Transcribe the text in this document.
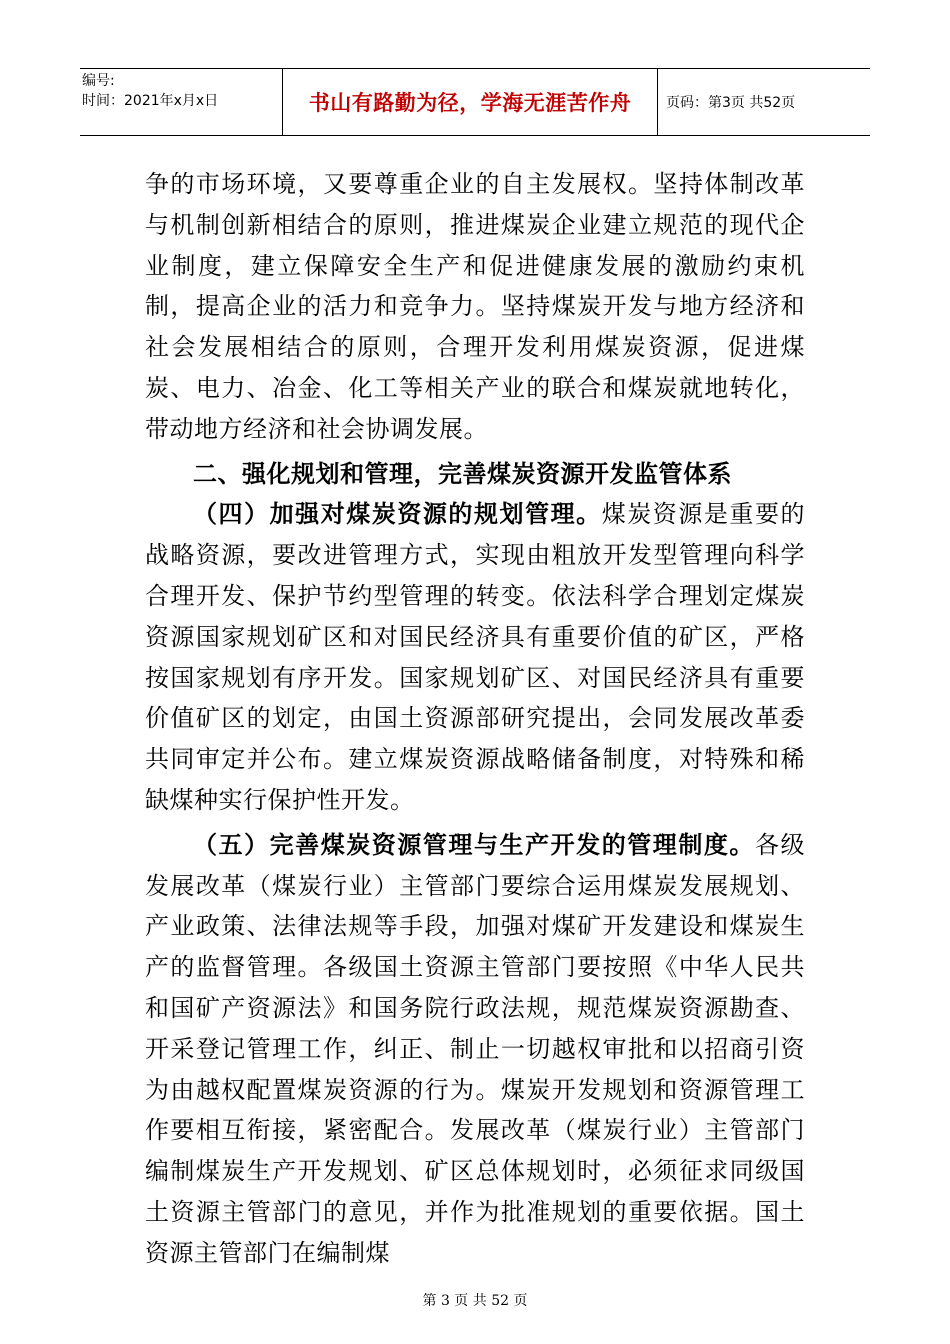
编号:
时间：2021年x月x日	书山有路勤为径，学海无涯苦作舟	页码：第3页 共52页

争的市场环境，又要尊重企业的自主发展权。坚持体制改革与机制创新相结合的原则，推进煤炭企业建立规范的现代企业制度，建立保障安全生产和促进健康发展的激励约束机制，提高企业的活力和竞争力。坚持煤炭开发与地方经济和社会发展相结合的原则，合理开发利用煤炭资源，促进煤炭、电力、冶金、化工等相关产业的联合和煤炭就地转化，带动地方经济和社会协调发展。

二、强化规划和管理，完善煤炭资源开发监管体系

（四）加强对煤炭资源的规划管理。煤炭资源是重要的战略资源，要改进管理方式，实现由粗放开发型管理向科学合理开发、保护节约型管理的转变。依法科学合理划定煤炭资源国家规划矿区和对国民经济具有重要价值的矿区，严格按国家规划有序开发。国家规划矿区、对国民经济具有重要价值矿区的划定，由国土资源部研究提出，会同发展改革委共同审定并公布。建立煤炭资源战略储备制度，对特殊和稀缺煤种实行保护性开发。

（五）完善煤炭资源管理与生产开发的管理制度。各级发展改革（煤炭行业）主管部门要综合运用煤炭发展规划、产业政策、法律法规等手段，加强对煤矿开发建设和煤炭生产的监督管理。各级国土资源主管部门要按照《中华人民共和国矿产资源法》和国务院行政法规，规范煤炭资源勘查、开采登记管理工作，纠正、制止一切越权审批和以招商引资为由越权配置煤炭资源的行为。煤炭开发规划和资源管理工作要相互衔接，紧密配合。发展改革（煤炭行业）主管部门编制煤炭生产开发规划、矿区总体规划时，必须征求同级国土资源主管部门的意见，并作为批准规划的重要依据。国土资源主管部门在编制煤

第 3 页 共 52 页
